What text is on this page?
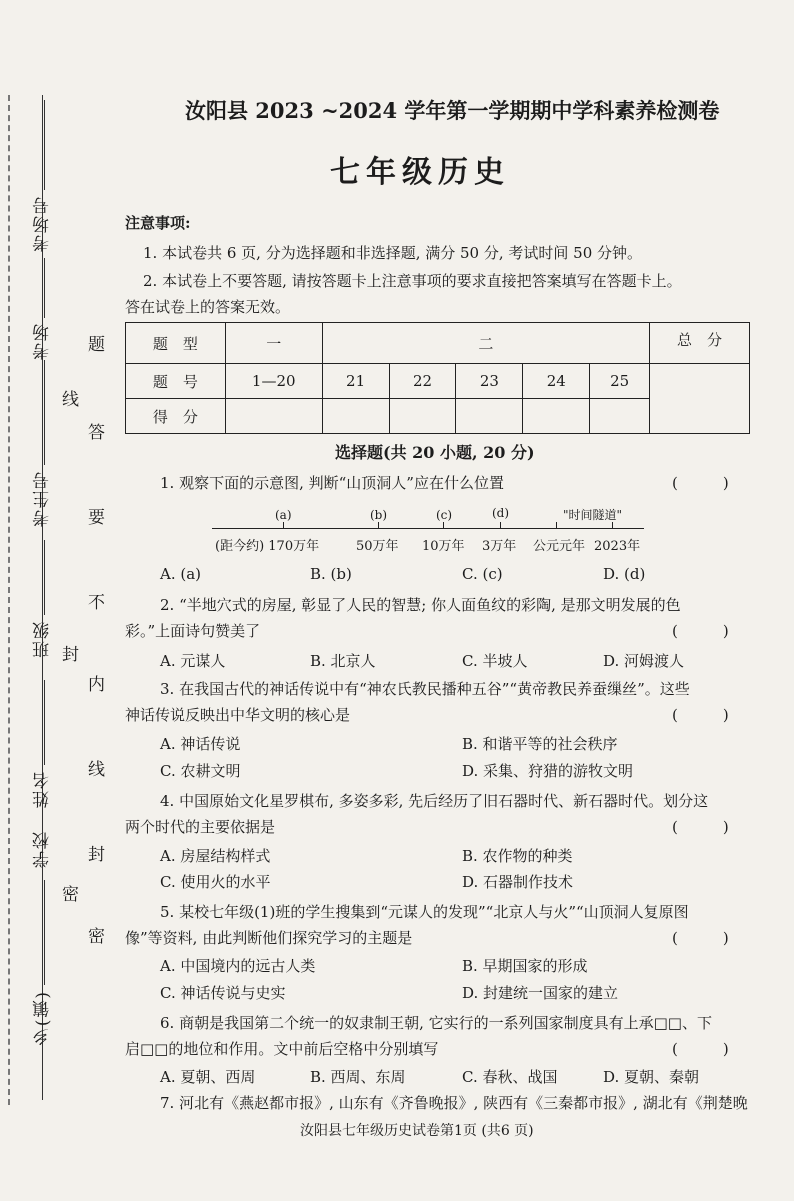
考场号
考场
考生号
班级
姓名
学校
乡(镇)
题
答
要
不
内
线
封
密
线
封
密
汝阳县 2023 ~2024 学年第一学期期中学科素养检测卷
七年级历史
注意事项:
1. 本试卷共 6 页, 分为选择题和非选择题, 满分 50 分, 考试时间 50 分钟。
2. 本试卷上不要答题, 请按答题卡上注意事项的要求直接把答案填写在答题卡上。
答在试卷上的答案无效。
题　型	一	二					总　分
题　号	1—20	21	22	23	24	25	
得　分							
选择题(共 20 小题, 20 分)
1. 观察下面的示意图, 判断“山顶洞人”应在什么位置	(　　　)
(a)	(b)	(c)	(d)	"时间隧道"
(距今约) 170万年	50万年 10万年 3万年 公元元年 2023年
A. (a)	B. (b)	C. (c)	D. (d)
2. “半地穴式的房屋, 彰显了人民的智慧; 你人面鱼纹的彩陶, 是那文明发展的色
彩。”上面诗句赞美了	(　　　)
A. 元谋人	B. 北京人	C. 半坡人	D. 河姆渡人
3. 在我国古代的神话传说中有“神农氏教民播种五谷”“黄帝教民养蚕缫丝”。这些
神话传说反映出中华文明的核心是	(　　　)
A. 神话传说	B. 和谐平等的社会秩序
C. 农耕文明	D. 采集、狩猎的游牧文明
4. 中国原始文化星罗棋布, 多姿多彩, 先后经历了旧石器时代、新石器时代。划分这
两个时代的主要依据是	(　　　)
A. 房屋结构样式	B. 农作物的种类
C. 使用火的水平	D. 石器制作技术
5. 某校七年级(1)班的学生搜集到“元谋人的发现”“北京人与火”“山顶洞人复原图
像”等资料, 由此判断他们探究学习的主题是	(　　　)
A. 中国境内的远古人类	B. 早期国家的形成
C. 神话传说与史实	D. 封建统一国家的建立
6. 商朝是我国第二个统一的奴隶制王朝, 它实行的一系列国家制度具有上承□□、下
启□□的地位和作用。文中前后空格中分别填写	(　　　)
A. 夏朝、西周	B. 西周、东周	C. 春秋、战国	D. 夏朝、秦朝
7. 河北有《燕赵都市报》, 山东有《齐鲁晚报》, 陕西有《三秦都市报》, 湖北有《荆楚晚
汝阳县七年级历史试卷第1页 (共6 页)
